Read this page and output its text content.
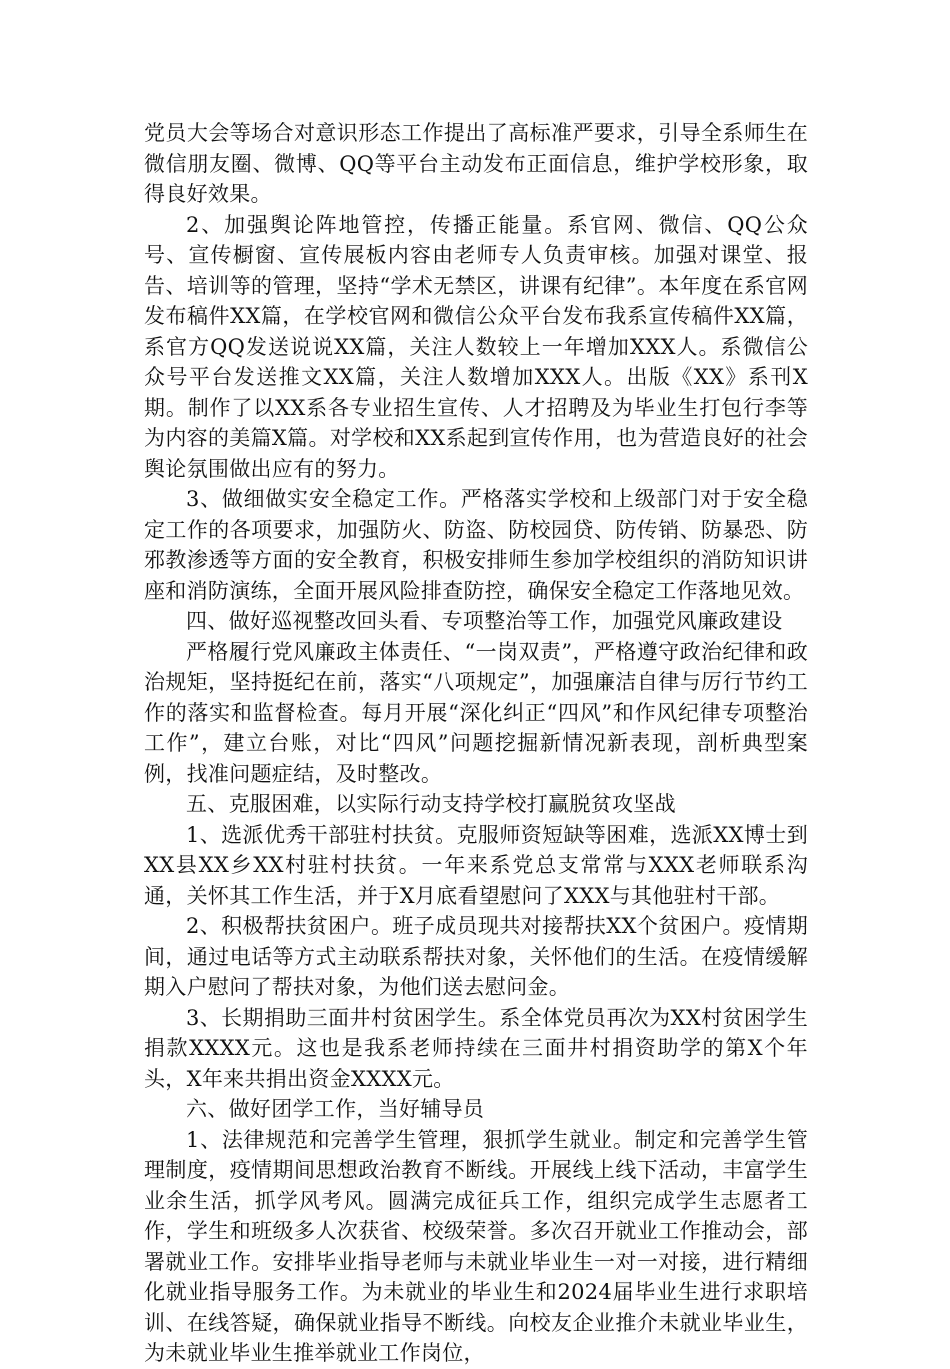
党员大会等场合对意识形态工作提出了高标准严要求，引导全系师生在微信朋友圈、微博、QQ等平台主动发布正面信息，维护学校形象，取得良好效果。

2、加强舆论阵地管控，传播正能量。系官网、微信、QQ公众号、宣传橱窗、宣传展板内容由老师专人负责审核。加强对课堂、报告、培训等的管理，坚持“学术无禁区，讲课有纪律”。本年度在系官网发布稿件XX篇，在学校官网和微信公众平台发布我系宣传稿件XX篇，系官方QQ发送说说XX篇，关注人数较上一年增加XXX人。系微信公众号平台发送推文XX篇，关注人数增加XXX人。出版《XX》系刊X期。制作了以XX系各专业招生宣传、人才招聘及为毕业生打包行李等为内容的美篇X篇。对学校和XX系起到宣传作用，也为营造良好的社会舆论氛围做出应有的努力。

3、做细做实安全稳定工作。严格落实学校和上级部门对于安全稳定工作的各项要求，加强防火、防盗、防校园贷、防传销、防暴恐、防邪教渗透等方面的安全教育，积极安排师生参加学校组织的消防知识讲座和消防演练，全面开展风险排查防控，确保安全稳定工作落地见效。

四、做好巡视整改回头看、专项整治等工作，加强党风廉政建设

严格履行党风廉政主体责任、“一岗双责”，严格遵守政治纪律和政治规矩，坚持挺纪在前，落实“八项规定”，加强廉洁自律与厉行节约工作的落实和监督检查。每月开展“深化纠正“四风”和作风纪律专项整治工作”，建立台账，对比“四风”问题挖掘新情况新表现，剖析典型案例，找准问题症结，及时整改。

五、克服困难，以实际行动支持学校打赢脱贫攻坚战

1、选派优秀干部驻村扶贫。克服师资短缺等困难，选派XX博士到XX县XX乡XX村驻村扶贫。一年来系党总支常常与XXX老师联系沟通，关怀其工作生活，并于X月底看望慰问了XXX与其他驻村干部。

2、积极帮扶贫困户。班子成员现共对接帮扶XX个贫困户。疫情期间，通过电话等方式主动联系帮扶对象，关怀他们的生活。在疫情缓解期入户慰问了帮扶对象，为他们送去慰问金。

3、长期捐助三面井村贫困学生。系全体党员再次为XX村贫困学生捐款XXXX元。这也是我系老师持续在三面井村捐资助学的第X个年头，X年来共捐出资金XXXX元。

六、做好团学工作，当好辅导员

1、法律规范和完善学生管理，狠抓学生就业。制定和完善学生管理制度，疫情期间思想政治教育不断线。开展线上线下活动，丰富学生业余生活，抓学风考风。圆满完成征兵工作，组织完成学生志愿者工作，学生和班级多人次获省、校级荣誉。多次召开就业工作推动会，部署就业工作。安排毕业指导老师与未就业毕业生一对一对接，进行精细化就业指导服务工作。为未就业的毕业生和2024届毕业生进行求职培训、在线答疑，确保就业指导不断线。向校友企业推介未就业毕业生，为未就业毕业生推举就业工作岗位，
